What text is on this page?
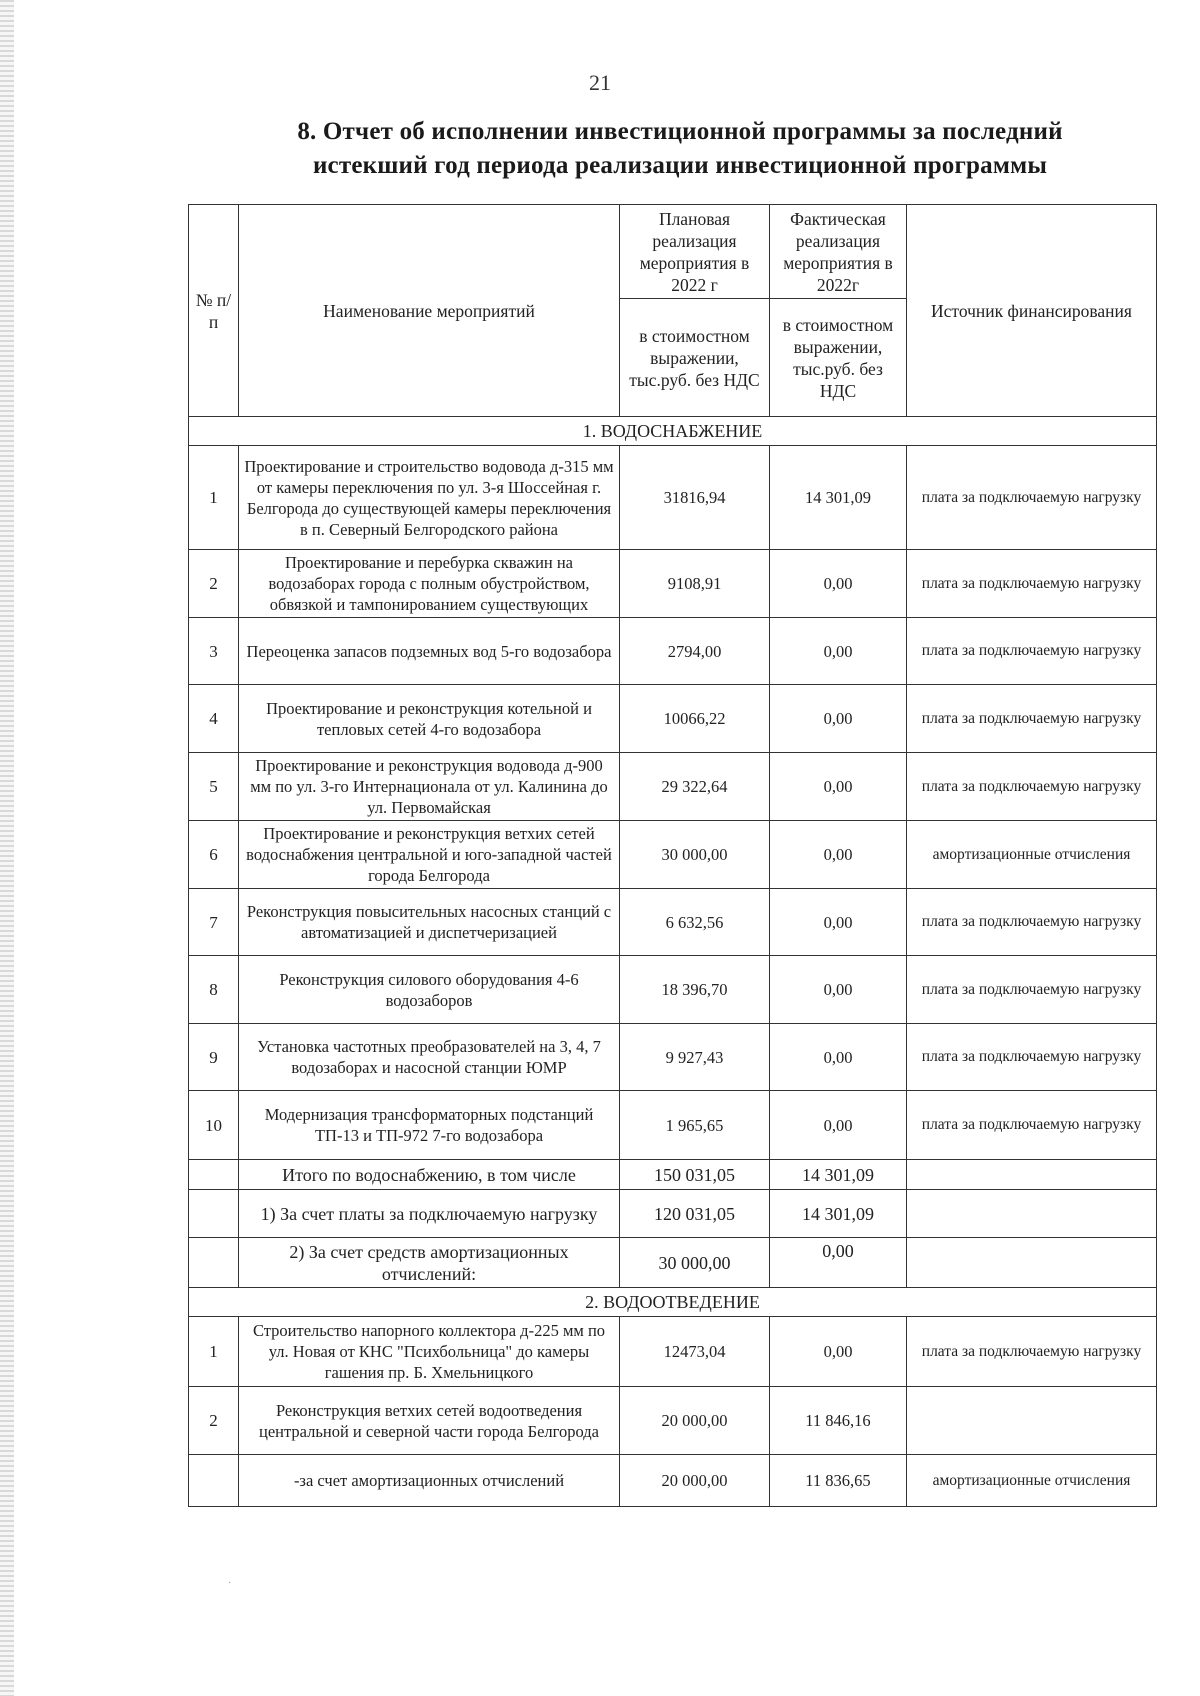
21
8. Отчет об исполнении инвестиционной программы за последний
истекший год периода реализации инвестиционной программы
№ п/п	Наименование мероприятий	Плановая реализация мероприятия в 2022 г	Фактическая реализация мероприятия в 2022г	Источник финансирования
		в стоимостном выражении, тыс.руб. без НДС	в стоимостном выражении, тыс.руб. без НДС	
1. ВОДОСНАБЖЕНИЕ				
1	Проектирование и строительство водовода д-315 мм от камеры переключения по ул. 3-я Шоссейная г. Белгорода до существующей камеры переключения в п. Северный Белгородского района	31816,94	14 301,09	плата за подключаемую нагрузку
2	Проектирование и перебурка скважин на водозаборах города с полным обустройством, обвязкой и тампонированием существующих	9108,91	0,00	плата за подключаемую нагрузку
3	Переоценка запасов подземных вод 5-го водозабора	2794,00	0,00	плата за подключаемую нагрузку
4	Проектирование и реконструкция котельной и тепловых сетей 4-го водозабора	10066,22	0,00	плата за подключаемую нагрузку
5	Проектирование и реконструкция водовода д-900 мм по ул. 3-го Интернационала от ул. Калинина до ул. Первомайская	29 322,64	0,00	плата за подключаемую нагрузку
6	Проектирование и реконструкция ветхих сетей водоснабжения центральной и юго-западной частей города Белгорода	30 000,00	0,00	амортизационные отчисления
7	Реконструкция повысительных насосных станций с автоматизацией и диспетчеризацией	6 632,56	0,00	плата за подключаемую нагрузку
8	Реконструкция силового оборудования 4-6 водозаборов	18 396,70	0,00	плата за подключаемую нагрузку
9	Установка частотных преобразователей на 3, 4, 7 водозаборах и насосной станции ЮМР	9 927,43	0,00	плата за подключаемую нагрузку
10	Модернизация трансформаторных подстанций ТП-13 и ТП-972 7-го водозабора	1 965,65	0,00	плата за подключаемую нагрузку
	Итого по водоснабжению, в том числе	150 031,05	14 301,09	
	1) За счет платы за подключаемую нагрузку	120 031,05	14 301,09	
	2) За счет средств амортизационных отчислений:	30 000,00	0,00	
2. ВОДООТВЕДЕНИЕ				
1	Строительство напорного коллектора д-225 мм по ул. Новая от КНС "Психбольница" до камеры гашения пр. Б. Хмельницкого	12473,04	0,00	плата за подключаемую нагрузку
2	Реконструкция ветхих сетей водоотведения центральной и северной части города Белгорода	20 000,00	11 846,16	
	-за счет амортизационных отчислений	20 000,00	11 836,65	амортизационные отчисления
·
